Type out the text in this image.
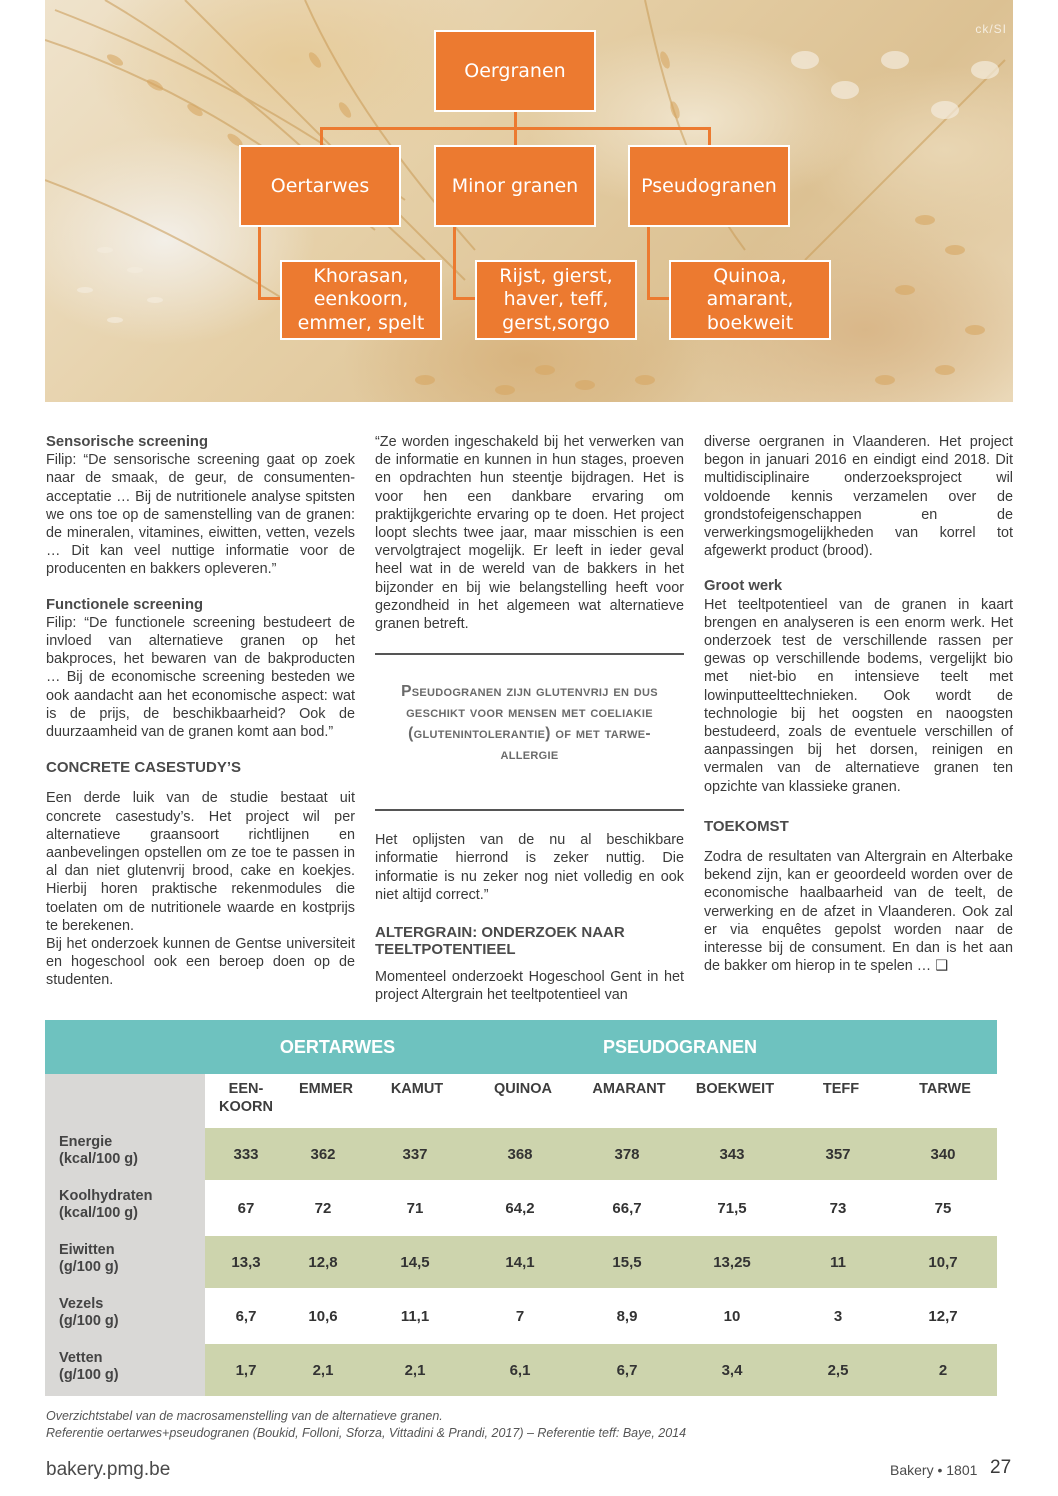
ck/SI
Oergranen
Oertarwes	Minor granen	Pseudogranen
Khorasan,
eenkoorn,
emmer, spelt
Rijst, gierst,
haver, teff,
gerst,sorgo
Quinoa,
amarant,
boekweit
Sensorische screening

Filip: “De sensorische screening gaat op zoek naar de smaak, de geur, de consumenten-acceptatie … Bij de nutritionele analyse spitsten we ons toe op de samenstelling van de granen: de mineralen, vitamines, eiwitten, vetten, vezels … Dit kan veel nuttige informatie voor de producenten en bakkers opleveren.”

Functionele screening

Filip: “De functionele screening bestudeert de invloed van alternatieve granen op het bakproces, het bewaren van de bakproducten … Bij de economische screening besteden we ook aandacht aan het economische aspect: wat is de prijs, de beschikbaarheid? Ook de duurzaamheid van de granen komt aan bod.”

CONCRETE CASESTUDY’S

Een derde luik van de studie bestaat uit concrete casestudy’s. Het project wil per alternatieve graansoort richtlijnen en aanbevelingen opstellen om ze toe te passen in al dan niet glutenvrij brood, cake en koekjes. Hierbij horen praktische rekenmodules die toelaten om de nutritionele waarde en kostprijs te berekenen.

Bij het onderzoek kunnen de Gentse universiteit en hogeschool ook een beroep doen op de studenten.

“Ze worden ingeschakeld bij het verwerken van de informatie en kunnen in hun stages, proeven en opdrachten hun steentje bijdragen. Het is voor hen een dankbare ervaring om praktijkgerichte ervaring op te doen. Het project loopt slechts twee jaar, maar misschien is een vervolgtraject mogelijk. Er leeft in ieder geval heel wat in de wereld van de bakkers in het bijzonder en bij wie belangstelling heeft voor gezondheid in het algemeen wat alternatieve granen betreft.

Pseudogranen zijn glutenvrij en dus geschikt voor mensen met coeliakie (glutenintolerantie) of met tarwe-allergie

Het oplijsten van de nu al beschikbare informatie hierrond is zeker nuttig. Die informatie is nu zeker nog niet volledig en ook niet altijd correct.”

ALTERGRAIN: ONDERZOEK NAAR TEELTPOTENTIEEL

Momenteel onderzoekt Hogeschool Gent in het project Altergrain het teeltpotentieel van

diverse oergranen in Vlaanderen. Het project begon in januari 2016 en eindigt eind 2018. Dit multidisciplinaire onderzoeksproject wil voldoende kennis verzamelen over de grondstofeigenschappen en de verwerkingsmogelijkheden van korrel tot afgewerkt product (brood).

Groot werk

Het teeltpotentieel van de granen in kaart brengen en analyseren is een enorm werk. Het onderzoek test de verschillende rassen per gewas op verschillende bodems, vergelijkt bio met niet-bio en intensieve teelt met lowinputteelttechnieken. Ook wordt de technologie bij het oogsten en naoogsten bestudeerd, zoals de eventuele verschillen of aanpassingen bij het dorsen, reinigen en vermalen van de alternatieve granen ten opzichte van klassieke granen.

TOEKOMST

Zodra de resultaten van Altergrain en Alterbake bekend zijn, kan er geoordeeld worden over de economische haalbaarheid van de teelt, de verwerking en de afzet in Vlaanderen. Ook zal er via enquêtes gepolst worden naar de interesse bij de consument. En dan is het aan de bakker om hierop in te spelen … ❑

OERTARWES	PSEUDOGRANEN
EEN-
KOORN
EMMER	KAMUT	QUINOA	AMARANT	BOEKWEIT	TEFF	TARWE
Energie
(kcal/100 g)	333	362	337	368	378	343	357	340
Koolhydraten
(kcal/100 g)	67	72	71	64,2	66,7	71,5	73	75
Eiwitten
(g/100 g)	13,3	12,8	14,5	14,1	15,5	13,25	11	10,7
Vezels
(g/100 g)	6,7	10,6	11,1	7	8,9	10	3	12,7
Vetten
(g/100 g)	1,7	2,1	2,1	6,1	6,7	3,4	2,5	2
Overzichtstabel van de macrosamenstelling van de alternatieve granen.
Referentie oertarwes+pseudogranen (Boukid, Folloni, Sforza, Vittadini & Prandi, 2017) – Referentie teff: Baye, 2014
bakery.pmg.be	Bakery • 1801 27
